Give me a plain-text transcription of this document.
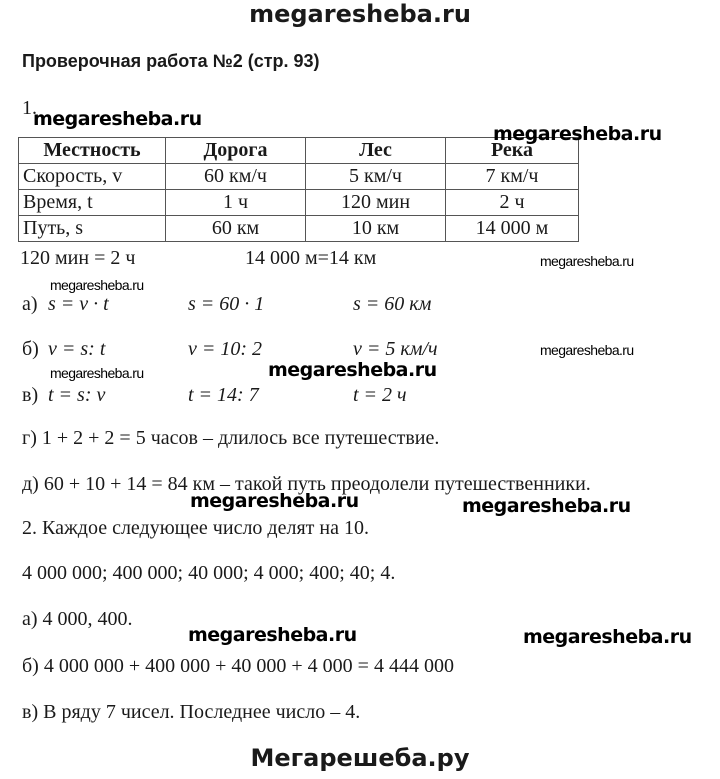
megaresheba.ru
Проверочная работа №2 (стр. 93)
1.
megaresheba.ru
Местность	Дорога	Лес	Река
Скорость, v	60 км/ч	5 км/ч	7 км/ч
Время, t	1 ч	120 мин	2 ч
Путь, s	60 км	10 км	14 000 м
megaresheba.ru
120 мин = 2 ч	14 000 м=14 км	megaresheba.ru
megaresheba.ru
а) s = v · t	s = 60 · 1	s = 60 км
б) v = s: t	v = 10: 2	v = 5 км/ч	megaresheba.ru
megaresheba.ru	megaresheba.ru
в) t = s: v	t = 14: 7	t = 2 ч
г) 1 + 2 + 2 = 5 часов – длилось все путешествие.
д) 60 + 10 + 14 = 84 км – такой путь преодолели путешественники.
megaresheba.ru	megaresheba.ru
2. Каждое следующее число делят на 10.
4 000 000; 400 000; 40 000; 4 000; 400; 40; 4.
а) 4 000, 400.
megaresheba.ru	megaresheba.ru
б) 4 000 000 + 400 000 + 40 000 + 4 000 = 4 444 000
в) В ряду 7 чисел. Последнее число – 4.
Мегарешеба.ру
